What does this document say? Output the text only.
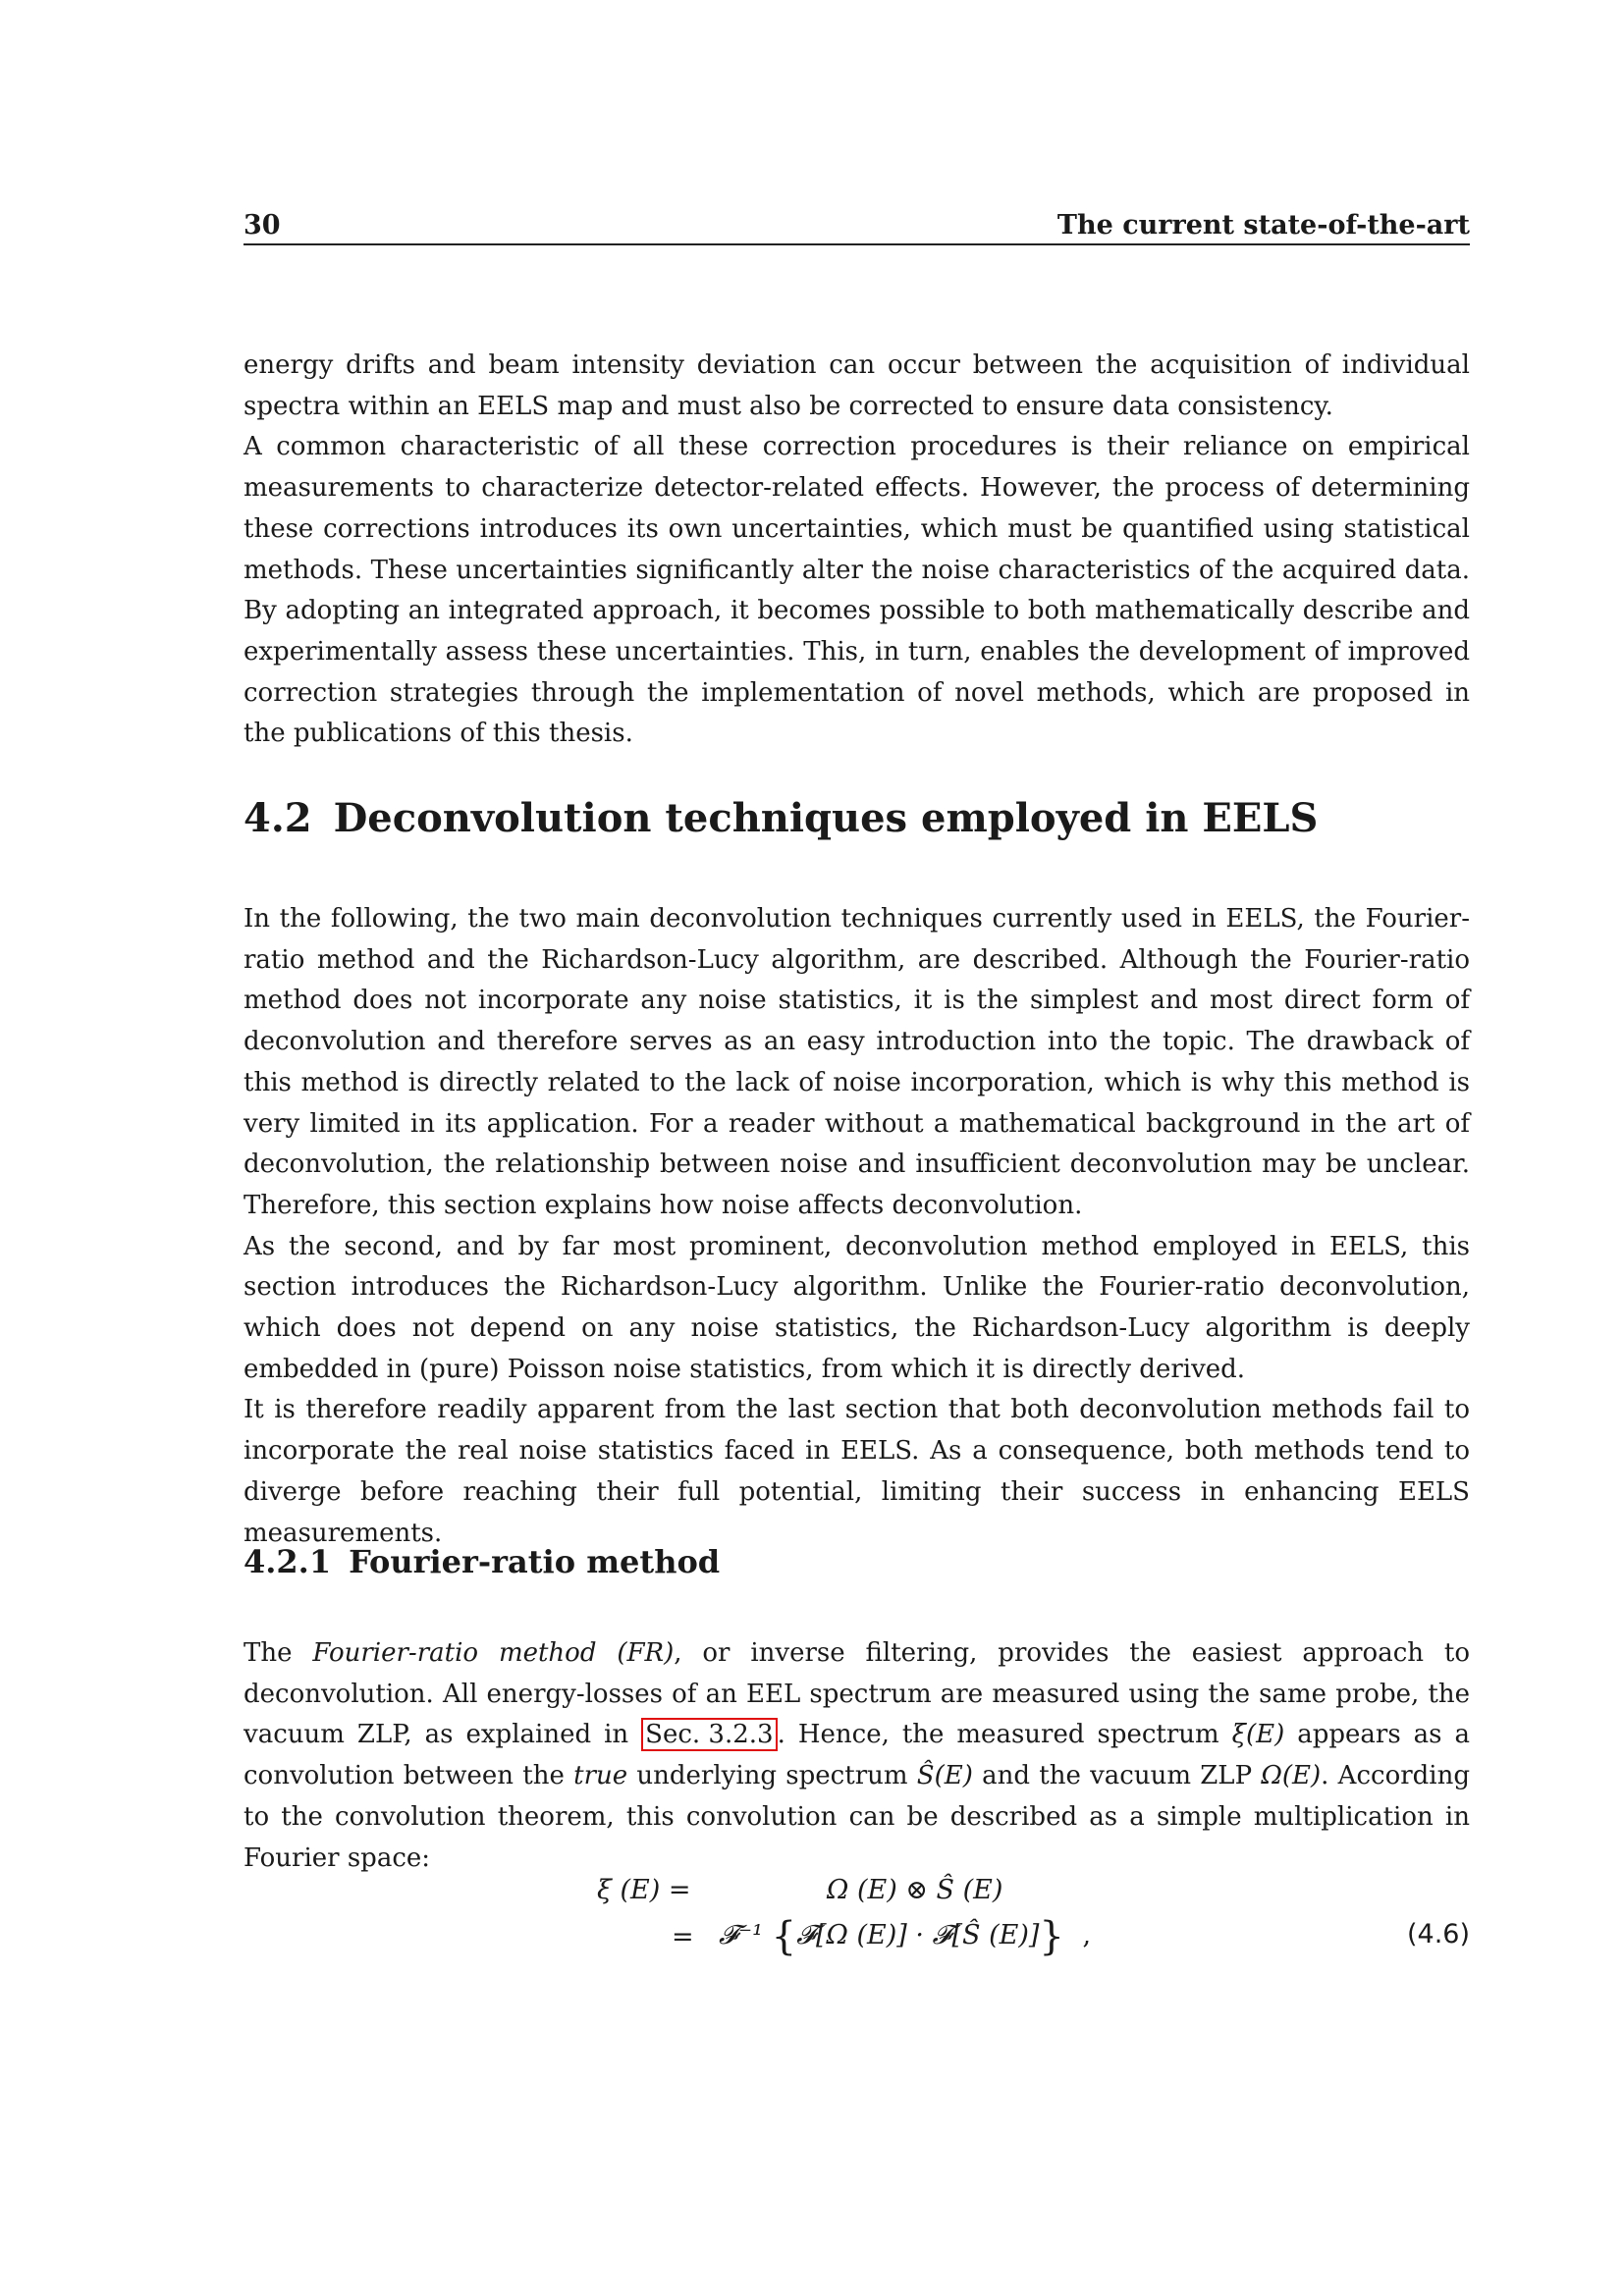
30	The current state-of-the-art

energy drifts and beam intensity deviation can occur between the acquisition of individual spectra within an EELS map and must also be corrected to ensure data consistency.

A common characteristic of all these correction procedures is their reliance on empirical measurements to characterize detector-related effects. However, the process of determining these corrections introduces its own uncertainties, which must be quantified using statistical methods. These uncertainties significantly alter the noise characteristics of the acquired data. By adopting an integrated approach, it becomes possible to both mathematically describe and experimentally assess these uncertainties. This, in turn, enables the development of improved correction strategies through the implementation of novel methods, which are proposed in the publications of this thesis.

4.2 Deconvolution techniques employed in EELS

In the following, the two main deconvolution techniques currently used in EELS, the Fourier-ratio method and the Richardson-Lucy algorithm, are described. Although the Fourier-ratio method does not incorporate any noise statistics, it is the simplest and most direct form of deconvolution and therefore serves as an easy introduction into the topic. The drawback of this method is directly related to the lack of noise incorporation, which is why this method is very limited in its application. For a reader without a mathematical background in the art of deconvolution, the relationship between noise and insufficient deconvolution may be unclear. Therefore, this section explains how noise affects deconvolution.

As the second, and by far most prominent, deconvolution method employed in EELS, this section introduces the Richardson-Lucy algorithm. Unlike the Fourier-ratio deconvolution, which does not depend on any noise statistics, the Richardson-Lucy algorithm is deeply embedded in (pure) Poisson noise statistics, from which it is directly derived.

It is therefore readily apparent from the last section that both deconvolution methods fail to incorporate the real noise statistics faced in EELS. As a consequence, both methods tend to diverge before reaching their full potential, limiting their success in enhancing EELS measurements.

4.2.1 Fourier-ratio method

The Fourier-ratio method (FR), or inverse filtering, provides the easiest approach to deconvolution. All energy-losses of an EEL spectrum are measured using the same probe, the vacuum ZLP, as explained in Sec. 3.2.3 . Hence, the measured spectrum ξ(E) appears as a convolution between the true underlying spectrum Ŝ(E) and the vacuum ZLP Ω(E). According to the convolution theorem, this convolution can be described as a simple multiplication in Fourier space:

ξ (E) =	Ω (E) ⊗ Ŝ (E)
= 𝓕⁻¹ {𝓕[Ω (E)] · 𝓕[Ŝ (E)]} ,	(4.6)
